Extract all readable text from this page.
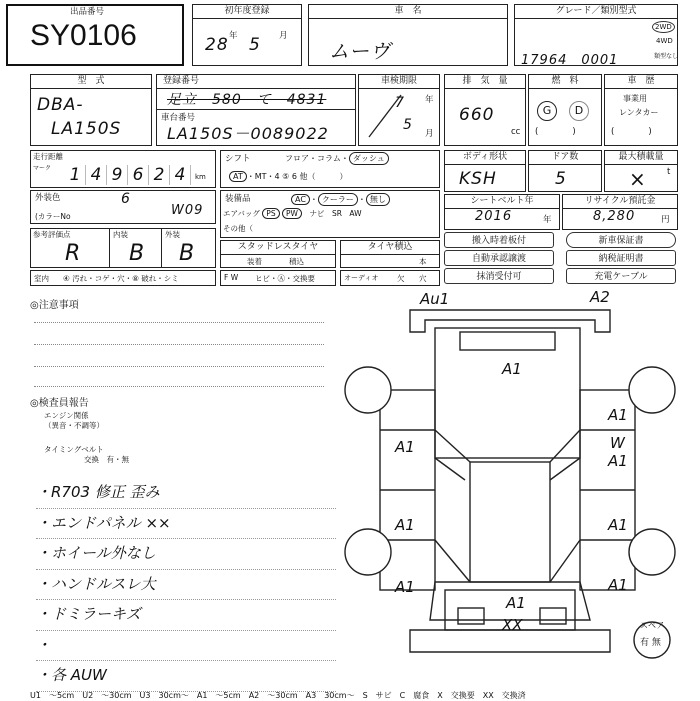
SY0106
出品番号	初年度登録
28 年 5 月
車　名
ムーヴ
グレード／類別型式
17964　0001
2WD
4WD
類型なし
型　式
DBA-
LA150S
登録番号
足立　580　て　4831
車台番号
LA150S－0089022
車検期限
7 年
5
月
排　気　量
660
cc
燃　料
G	D
(　　　　)
車　歴
事業用
レンタカー
(　　　　)
走行距離
マーク 1 4 9 6 2 4	km
シフト	フロア・コラム・ ダッシュ
AT ・MT・4 ⑤ 6 他（　　　）
ボディ形状
KSH
ドア数
5
最大積載量
× t
外装色	6
(カラーNo	W09
装備品	AC ・ クーラー ・ 無し
エアバッグ PS PW　 ナビ　 SR　 AW
その他（
シートベルト年
2016	年
リサイクル預託金
8,280	円
参考評価点	内装	外装
R B B
室内 ④ 汚れ・コゲ・穴・⑧ 破れ・シミ
スタッドレスタイヤ
装着	積込
タイヤ積込
本
F W ヒビ・Ⓐ・交換要	オーディオ 欠 穴
搬入時着板付	新車保証書
自動承認譲渡	納税証明書
抹消受付可	充電ケーブル
◎注意事項
◎検査員報告
エンジン関係
（異音・不調等）
タイミングベルト
交換　有・無
・R703 修正 歪み
・エンドパネル ××
・ホイール外なし
・ハンドルスレ大
・ドミラーキズ
・
・各 AUW
Au1	A2
A1
A1
A1
A1
A1
W
A1
A1
A1
A1
XX	スペア
有 無
U1　～5cm　U2　～30cm　U3　30cm～　A1　～5cm　A2　～30cm　A3　30cm～　S　サビ　C　腐食　X　交換要　XX　交換済
